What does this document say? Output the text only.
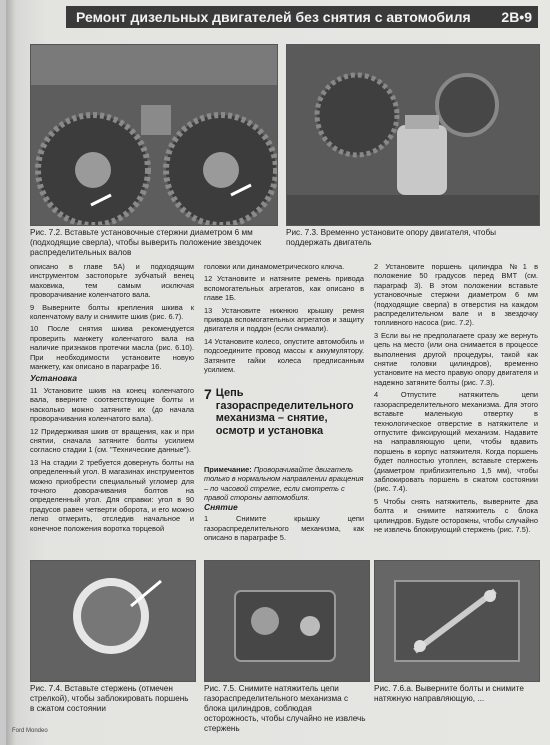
Ремонт дизельных двигателей без снятия с автомобиля 2B•9
Рис. 7.2. Вставьте установочные стержни диаметром 6 мм (подходящие сверла), чтобы выверить положение звездочек распределительных валов
Рис. 7.3. Временно установите опору двигателя, чтобы поддержать двигатель

описано в главе 5А) и подходящим инструментом застопорьте зубчатый венец маховика, тем самым исключая проворачивание коленчатого вала.

9 Выверните болты крепления шкива к коленчатому валу и снимите шкив (рис. 6.7).

10 После снятия шкива рекомендуется проверить манжету коленчатого вала на наличие признаков протечки масла (рис. 6.10). При необходимости установите новую манжету, как описано в параграфе 16.

Установка

11 Установите шкив на конец коленчатого вала, вверните соответствующие болты и насколько можно затяните их (до начала проворачивания коленчатого вала).

12 Придерживая шкив от вращения, как и при снятии, сначала затяните болты усилием согласно стадии 1 (см. "Технические данные").

13 На стадии 2 требуется довернуть болты на определенный угол. В магазинах инструментов можно приобрести специальный угломер для точного доворачивания болтов на определенный угол. Для справки: угол в 90 градусов равен четверти оборота, и его можно легко отмерить, отследив начальное и конечное положения воротка торцевой

головки или динамометрического ключа.

12 Установите и натяните ремень привода вспомогательных агрегатов, как описано в главе 1Б.

13 Установите нижнюю крышку ремня привода вспомогательных агрегатов и защиту двигателя и поддон (если снимали).

14 Установите колесо, опустите автомобиль и подсоедините провод массы к аккумулятору. Затяните гайки колеса предписанным усилием.

7 Цепь газораспределительного механизма – снятие, осмотр и установка
Примечание: Проворачивайте двигатель только в нормальном направлении вращения – по часовой стрелке, если смотреть с правой стороны автомобиля.
Снятие

1 Снимите крышку цепи газораспределительного механизма, как описано в параграфе 5.

2 Установите поршень цилиндра №1 в положение 50 градусов перед ВМТ (см. параграф 3). В этом положении вставьте установочные стержни диаметром 6 мм (подходящие сверла) в отверстия на каждом распределительном вале и в звездочку топливного насоса (рис. 7.2).

3 Если вы не предполагаете сразу же вернуть цепь на место (или она снимается в процессе выполнения другой процедуры, такой как снятие головки цилиндров), временно установите на место правую опору двигателя и надежно затяните болты (рис. 7.3).

4 Отпустите натяжитель цепи газораспределительного механизма. Для этого вставьте маленькую отвертку в технологическое отверстие в натяжителе и отпустите фиксирующий механизм. Надавите на направляющую цепи, чтобы вдавить поршень в корпус натяжителя. Когда поршень будет полностью утоплен, вставьте стержень (диаметром приблизительно 1,5 мм), чтобы заблокировать поршень в сжатом состоянии (рис. 7.4).

5 Чтобы снять натяжитель, выверните два болта и снимите натяжитель с блока цилиндров. Будьте осторожны, чтобы случайно не извлечь блокирующий стержень (рис. 7.5).

Рис. 7.4. Вставьте стержень (отмечен стрелкой), чтобы заблокировать поршень в сжатом состоянии
Рис. 7.5. Снимите натяжитель цепи газораспределительного механизма с блока цилиндров, соблюдая осторожность, чтобы случайно не извлечь стержень
Рис. 7.6.а. Выверните болты и снимите натяжную направляющую, ...
Ford Mondeo
